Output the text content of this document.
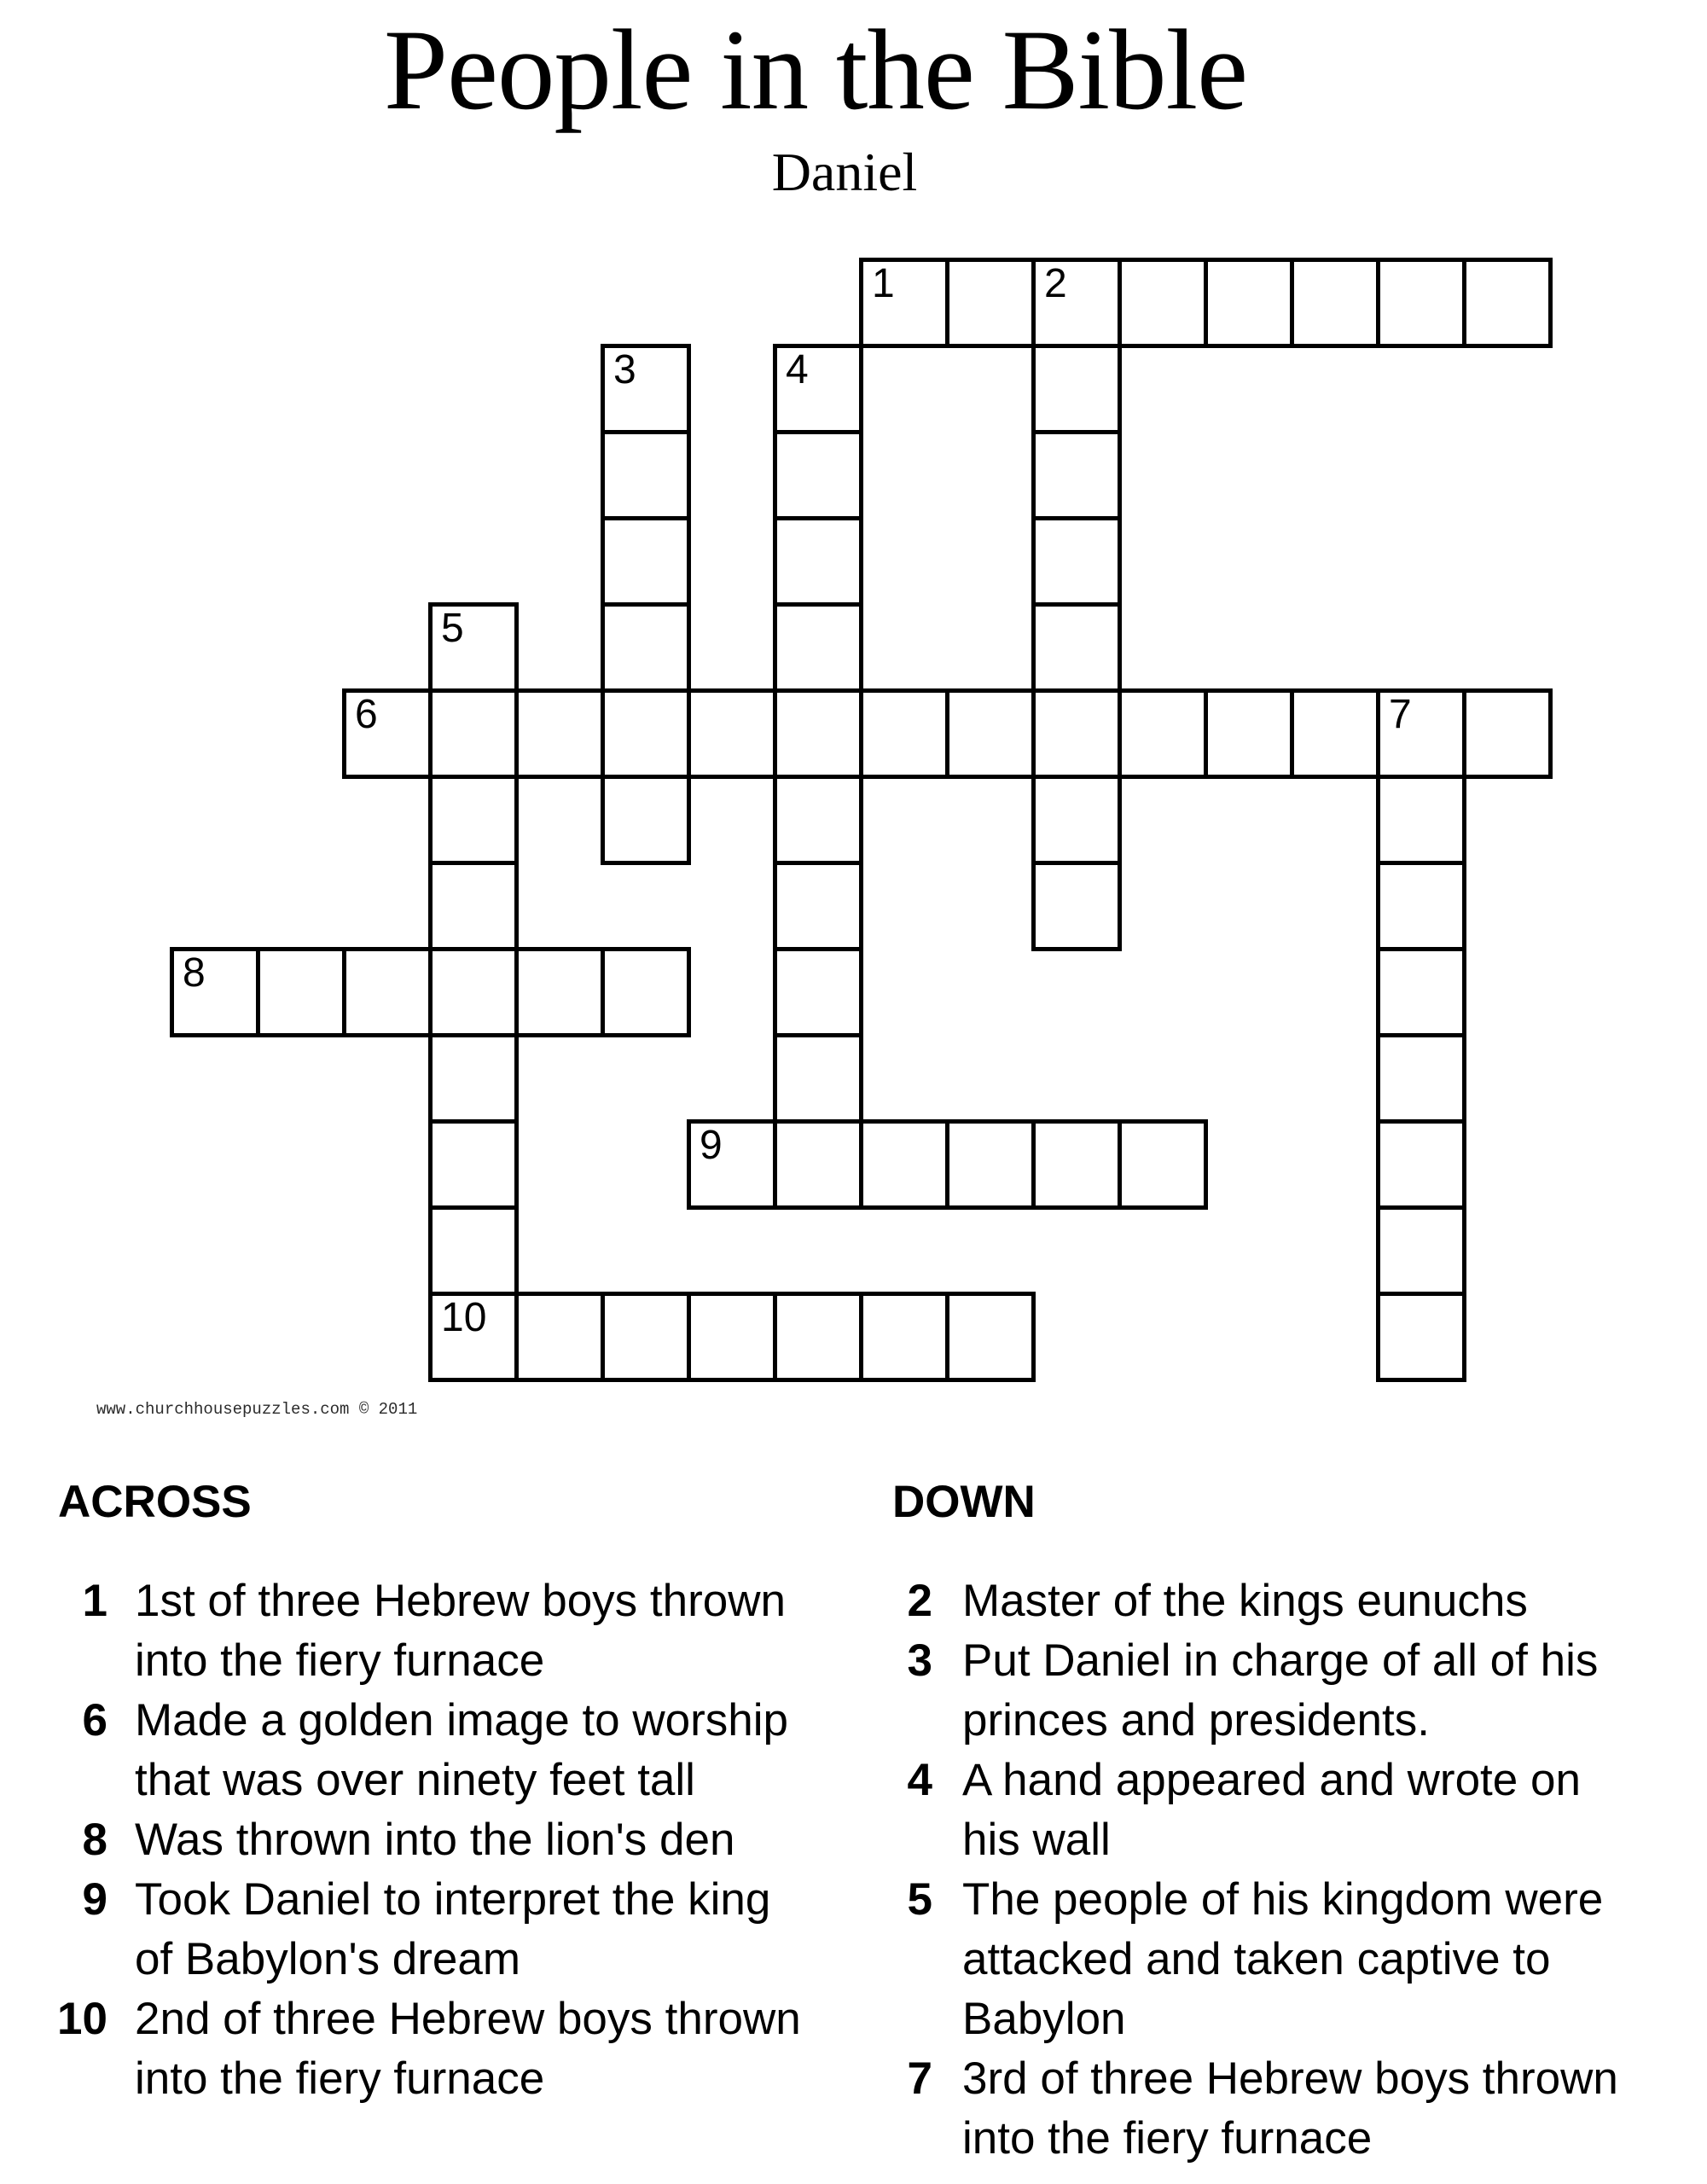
People in the Bible
Daniel
1	2
3	4
5
6	7
8
9
10
www.churchhousepuzzles.com © 2011
ACROSS
1 1st of three Hebrew boys thrown
into the fiery furnace
6 Made a golden image to worship
that was over ninety feet tall
8 Was thrown into the lion's den
9 Took Daniel to interpret the king
of Babylon's dream
10 2nd of three Hebrew boys thrown
into the fiery furnace
DOWN
2 Master of the kings eunuchs
3 Put Daniel in charge of all of his
princes and presidents.
4 A hand appeared and wrote on
his wall
5 The people of his kingdom were
attacked and taken captive to
Babylon
7 3rd of three Hebrew boys thrown
into the fiery furnace
